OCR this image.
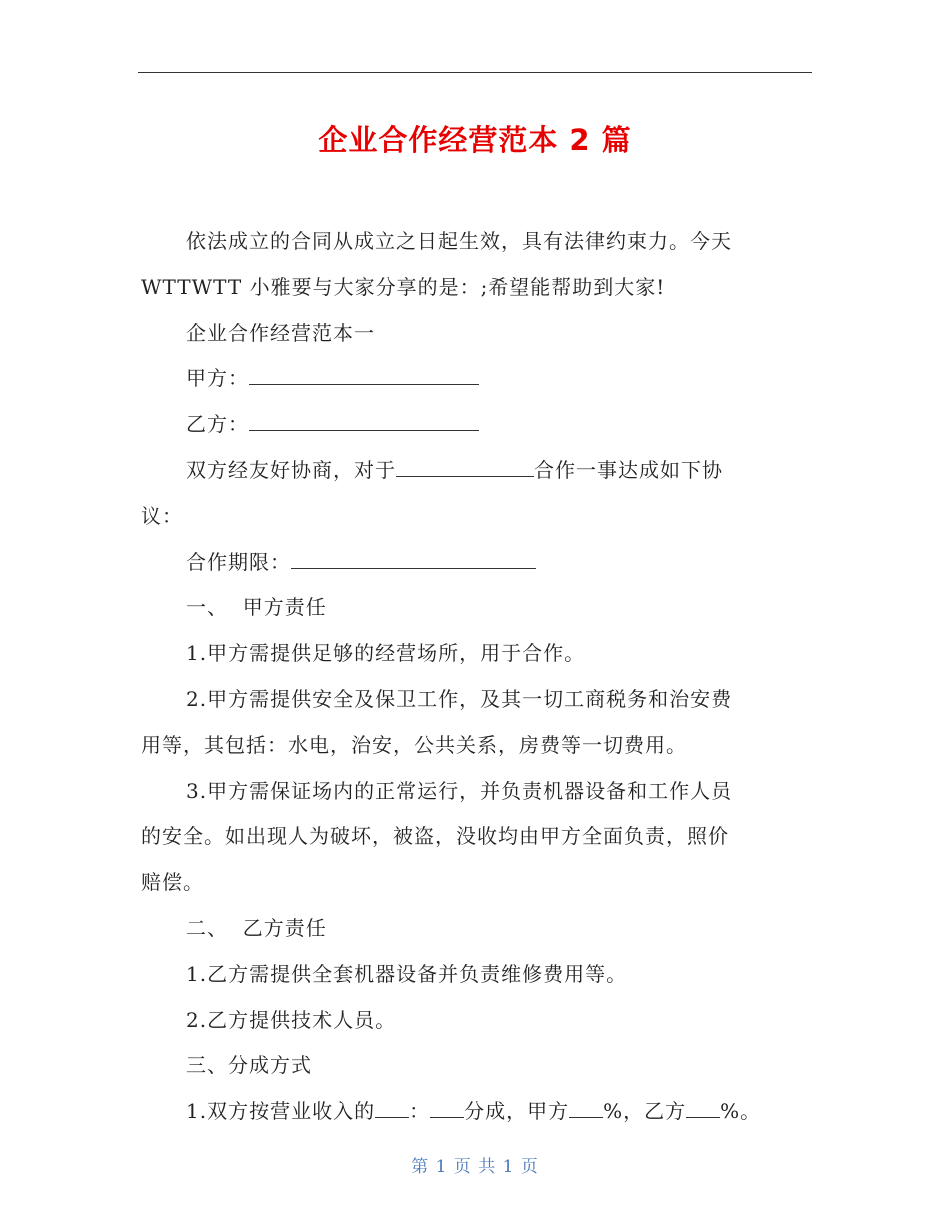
企业合作经营范本 2 篇

依法成立的合同从成立之日起生效，具有法律约束力。今天

WTTWTT 小雅要与大家分享的是：;希望能帮助到大家!

企业合作经营范本一

甲方：

乙方：

双方经友好协商，对于	合作一事达成如下协

议：

合作期限：

一、  甲方责任

1.甲方需提供足够的经营场所，用于合作。

2.甲方需提供安全及保卫工作，及其一切工商税务和治安费

用等，其包括：水电，治安，公共关系，房费等一切费用。

3.甲方需保证场内的正常运行，并负责机器设备和工作人员

的安全。如出现人为破坏，被盗，没收均由甲方全面负责，照价

赔偿。

二、  乙方责任

1.乙方需提供全套机器设备并负责维修费用等。

2.乙方提供技术人员。

三、分成方式

1.双方按营业收入的 ： 分成，甲方 %，乙方 %。

第 1 页 共 1 页
